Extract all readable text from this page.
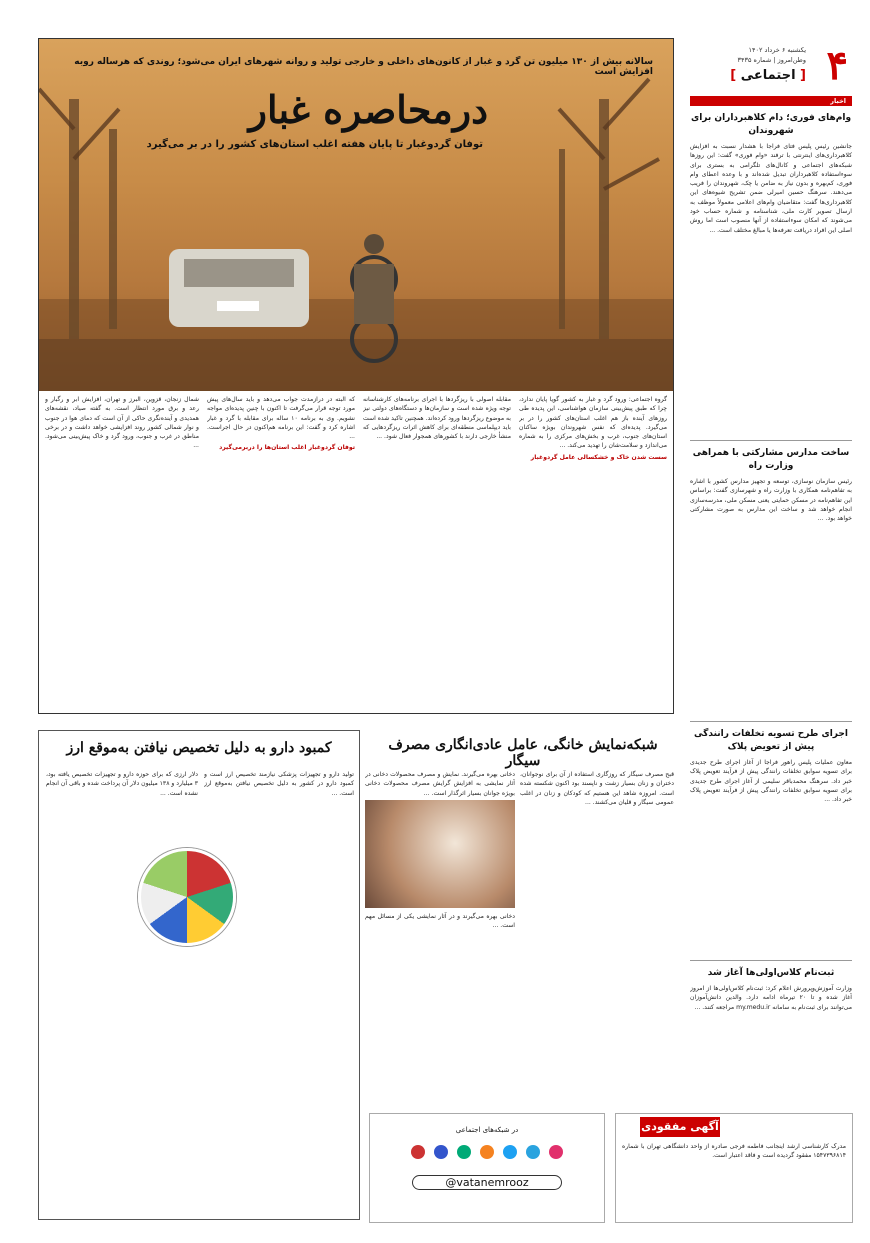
۴
یکشنبه ۶ خرداد ۱۴۰۲
وطن‌امروز | شماره ۳۴۳۵
[ اجتماعی ]
اخبار
وام‌های فوری؛ دام کلاهبرداران برای شهروندان
جانشین رئیس پلیس فتای فراجا با هشدار نسبت به افزایش کلاهبرداری‌های اینترنتی با ترفند «وام فوری» گفت: این روزها شبکه‌های اجتماعی و کانال‌های تلگرامی به بستری برای سوءاستفاده کلاهبرداران تبدیل شده‌اند و با وعده اعطای وام فوری، کم‌بهره و بدون نیاز به ضامن یا چک، شهروندان را فریب می‌دهند. سرهنگ حسین امیرلی ضمن تشریح شیوه‌های این کلاهبرداری‌ها گفت: متقاضیان وام‌های اعلامی معمولاً موظف به ارسال تصویر کارت ملی، شناسنامه و شماره حساب خود می‌شوند که امکان سوءاستفاده از آنها منصوب است اما روش اصلی این افراد دریافت تعرفه‌ها یا مبالغ مختلف است. ...
ساخت مدارس مشارکتی با همراهی وزارت راه
رئیس سازمان نوسازی، توسعه و تجهیز مدارس کشور با اشاره به تفاهم‌نامه همکاری با وزارت راه و شهرسازی گفت: براساس این تفاهم‌نامه در مسکن حمایتی یعنی مسکن ملی، مدرسه‌سازی انجام خواهد شد و ساخت این مدارس به صورت مشارکتی خواهد بود. ...
اجرای طرح تسویه تخلفات رانندگی پیش از تعویض پلاک
معاون عملیات پلیس راهور فراجا از آغاز اجرای طرح جدیدی برای تسویه سوابق تخلفات رانندگی پیش از فرآیند تعویض پلاک خبر داد. سرهنگ محمدباقر سلیمی از آغاز اجرای طرح جدیدی برای تسویه سوابق تخلفات رانندگی پیش از فرآیند تعویض پلاک خبر داد. ...
ثبت‌نام کلاس‌اولی‌ها آغاز شد
وزارت آموزش‌وپرورش اعلام کرد: ثبت‌نام کلاس‌اولی‌ها از امروز آغاز شده و تا ۲۰ تیرماه ادامه دارد. والدین دانش‌آموزان می‌توانند برای ثبت‌نام به سامانه my.medu.ir مراجعه کنند. ...
سالانه بیش از ۱۳۰ میلیون تن گرد و غبار از کانون‌های داخلی و خارجی تولید و روانه شهرهای ایران می‌شود؛ روندی که هرساله روبه افزایش است
درمحاصره غبار
توفان گردوغبار تا پایان هفته اغلب استان‌های کشور را در بر می‌گیرد

گروه اجتماعی: ورود گرد و غبار به کشور گویا پایان ندارد، چرا که طبق پیش‌بینی سازمان هواشناسی، این پدیده طی روزهای آینده باز هم اغلب استان‌های کشور را در بر می‌گیرد. پدیده‌ای که نفس شهروندان بویژه ساکنان استان‌های جنوب، غرب و بخش‌های مرکزی را به شماره می‌اندازد و سلامت‌شان را تهدید می‌کند. ...

سست شدن خاک و خشکسالی عامل گردوغبار

مقابله اصولی با ریزگردها با اجرای برنامه‌های کارشناسانه توجه ویژه شده است و سازمان‌ها و دستگاه‌های دولتی نیز به موضوع ریزگردها ورود کرده‌اند. همچنین تاکید شده است باید دیپلماسی منطقه‌ای برای کاهش اثرات ریزگردهایی که منشأ خارجی دارند با کشورهای همجوار فعال شود. ...

که البته در درازمدت جواب می‌دهد و باید سال‌های پیش مورد توجه قرار می‌گرفت تا اکنون با چنین پدیده‌ای مواجه نشویم. وی به برنامه ۱۰ ساله برای مقابله با گرد و غبار اشاره کرد و گفت: این برنامه هم‌اکنون در حال اجراست. ...

توفان گردوغبار اغلب استان‌ها را دربرمی‌گیرد

شمال زنجان، قزوین، البرز و تهران، افزایش ابر و رگبار و رعد و برق مورد انتظار است. به گفته صیاد، نقشه‌های همدیدی و آینده‌نگری حاکی از آن است که دمای هوا در جنوب و نوار شمالی کشور روند افزایشی خواهد داشت و در برخی مناطق در غرب و جنوب، ورود گرد و خاک پیش‌بینی می‌شود. ...
شبکه‌نمایش خانگی، عامل عادی‌انگاری مصرف سیگار
قبح مصرف سیگار که روزگاری استفاده از آن برای نوجوانان، دختران و زنان بسیار زشت و ناپسند بود اکنون شکسته شده است. امروزه شاهد این هستیم که کودکان و زنان در اغلب عمومی سیگار و قلیان می‌کشند. ...
دخانی بهره می‌گیرند. نمایش و مصرف محصولات دخانی در آثار نمایشی به افزایش گرایش مصرف محصولات دخانی بویژه جوانان بسیار اثرگذار است. ...
دخانی بهره می‌گیرند و در آثار نمایشی یکی از مسائل مهم است. ...
کمبود دارو به دلیل تخصیص نیافتن به‌موقع ارز
تولید دارو و تجهیزات پزشکی نیازمند تخصیص ارز است و کمبود دارو در کشور به دلیل تخصیص نیافتن به‌موقع ارز است. ...
دلار ارزی که برای حوزه دارو و تجهیزات تخصیص یافته بود، ۳ میلیارد و ۱۳۸ میلیون دلار آن پرداخت شده و باقی آن انجام نشده است. ...
در شبکه‌های اجتماعی

@vatanemrooz
آگهی مفقودی
مدرک کارشناسی ارشد اینجانب فاطمه فرجی صادره از واحد دانشگاهی تهران با شماره ۱۵۴۷۳۹۶۸۱۴ مفقود گردیده است و فاقد اعتبار است.
